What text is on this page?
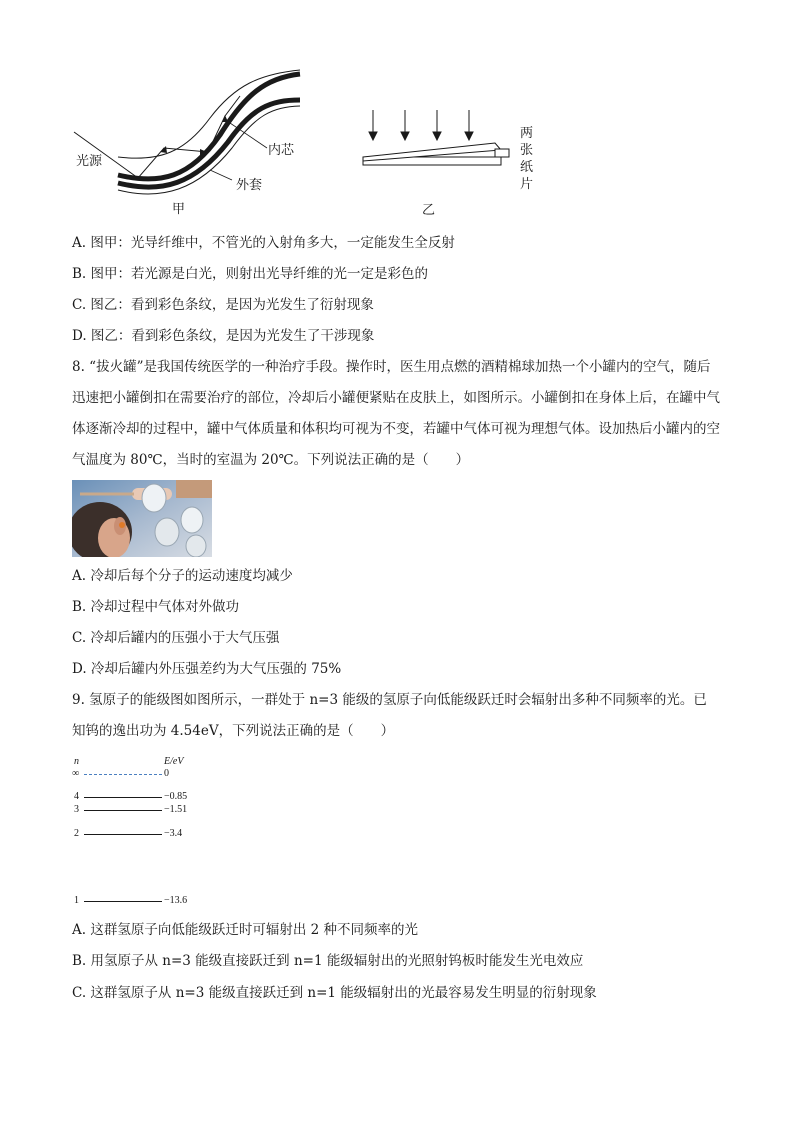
光源
内芯
外套
甲
两
张
纸
片
乙
A. 图甲：光导纤维中，不管光的入射角多大，一定能发生全反射
B. 图甲：若光源是白光，则射出光导纤维的光一定是彩色的
C. 图乙：看到彩色条纹，是因为光发生了衍射现象
D. 图乙：看到彩色条纹，是因为光发生了干涉现象
8. “拔火罐”是我国传统医学的一种治疗手段。操作时，医生用点燃的酒精棉球加热一个小罐内的空气，随后迅速把小罐倒扣在需要治疗的部位，冷却后小罐便紧贴在皮肤上，如图所示。小罐倒扣在身体上后，在罐中气体逐渐冷却的过程中，罐中气体质量和体积均可视为不变，若罐中气体可视为理想气体。设加热后小罐内的空气温度为 80℃，当时的室温为 20℃。下列说法正确的是（　　）
A. 冷却后每个分子的运动速度均减少
B. 冷却过程中气体对外做功
C. 冷却后罐内的压强小于大气压强
D. 冷却后罐内外压强差约为大气压强的 75%
9. 氢原子的能级图如图所示，一群处于 n=3 能级的氢原子向低能级跃迁时会辐射出多种不同频率的光。已
知钨的逸出功为 4.54eV，下列说法正确的是（　　）
n	E/eV
∞	0
4	−0.85
3	−1.51
2	−3.4
1	−13.6
A. 这群氢原子向低能级跃迁时可辐射出 2 种不同频率的光
B. 用氢原子从 n=3 能级直接跃迁到 n=1 能级辐射出的光照射钨板时能发生光电效应
C. 这群氢原子从 n=3 能级直接跃迁到 n=1 能级辐射出的光最容易发生明显的衍射现象
